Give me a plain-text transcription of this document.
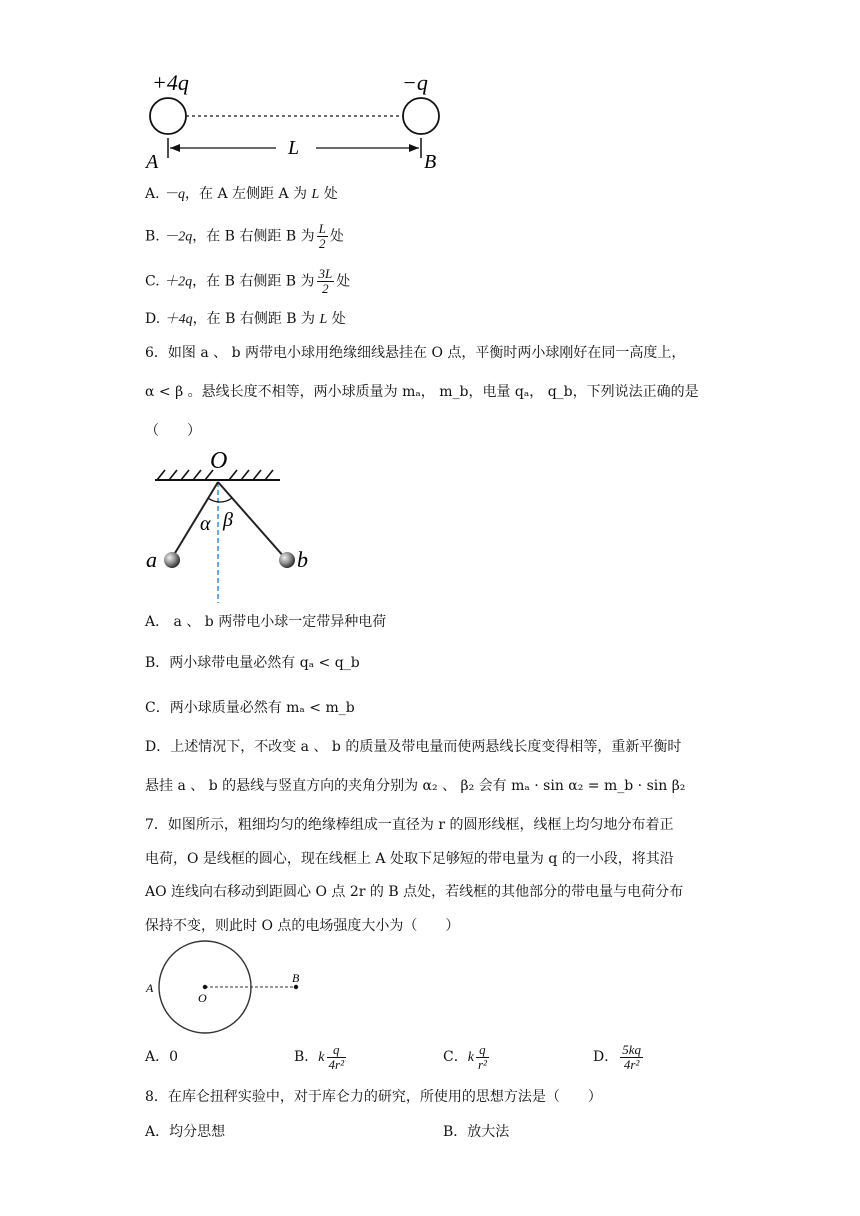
+4q	−q
L
A	B
A. －q，在 A 左侧距 A 为 L 处
B. －2q，在 B 右侧距 B 为 $\frac{L}{2}$ 处
C. ＋2q，在 B 右侧距 B 为 $\frac{3L}{2}$ 处
D. ＋4q，在 B 右侧距 B 为 L 处
6．如图 a 、 b 两带电小球用绝缘细线悬挂在 O 点，平衡时两小球刚好在同一高度上，
α < β 。悬线长度不相等，两小球质量为 mₐ， m_b，电量 qₐ， q_b，下列说法正确的是
（　　）
O
α β
a	b
A． a 、 b 两带电小球一定带异种电荷
B．两小球带电量必然有 qₐ < q_b
C．两小球质量必然有 mₐ < m_b
D．上述情况下，不改变 a 、 b 的质量及带电量而使两悬线长度变得相等，重新平衡时
悬挂 a 、 b 的悬线与竖直方向的夹角分别为 α₂ 、 β₂ 会有 mₐ · sin α₂ = m_b · sin β₂
7．如图所示，粗细均匀的绝缘棒组成一直径为 r 的圆形线框，线框上均匀地分布着正
电荷，O 是线框的圆心，现在线框上 A 处取下足够短的带电量为 q 的一小段，将其沿
AO 连线向右移动到距圆心 O 点 2r 的 B 点处，若线框的其他部分的带电量与电荷分布
保持不变，则此时 O 点的电场强度大小为（　　）
A
O
B
A．0	B．k $\frac{q}{\text{4r²}}$	C．k $\frac{q}{\text{r²}}$	D． $\frac{5kq}{\text{4r²}}$
8．在库仑扭秤实验中，对于库仑力的研究，所使用的思想方法是（　　）
A．均分思想	B．放大法
